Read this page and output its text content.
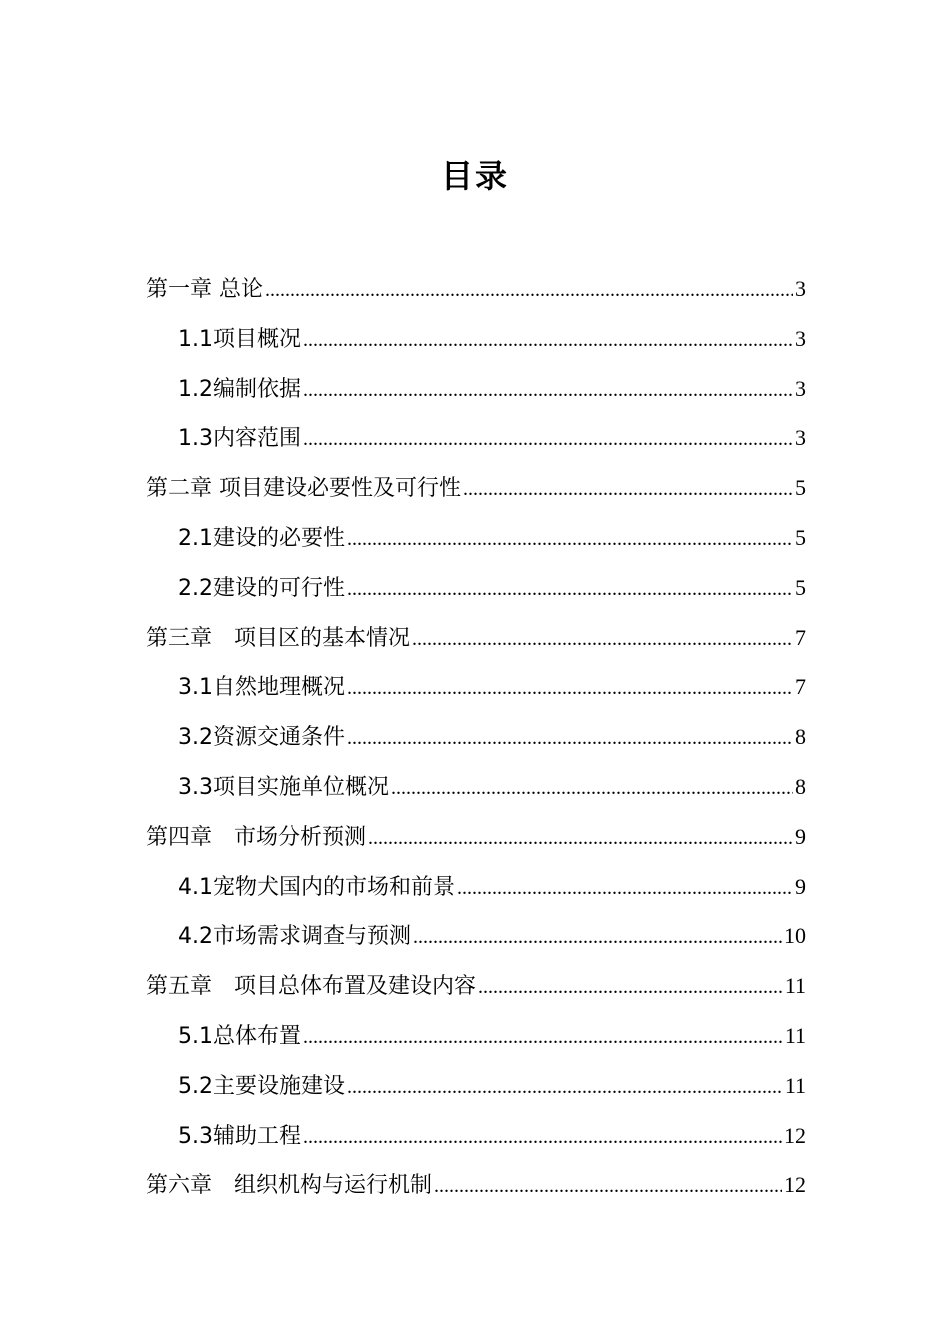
目录
第一章 总论 .....	3
1.1项目概况 .....	3
1.2编制依据 .....	3
1.3内容范围 .....	3
第二章 项目建设必要性及可行性 .....	5
2.1建设的必要性 .....	5
2.2建设的可行性 .....	5
第三章　项目区的基本情况 .....	7
3.1自然地理概况 .....	7
3.2资源交通条件 .....	8
3.3项目实施单位概况 .....	8
第四章　市场分析预测 .....	9
4.1宠物犬国内的市场和前景 .....	9
4.2市场需求调查与预测 .....	10
第五章　项目总体布置及建设内容 .....	11
5.1总体布置 .....	11
5.2主要设施建设 .....	11
5.3辅助工程 .....	12
第六章　组织机构与运行机制 .....	12
